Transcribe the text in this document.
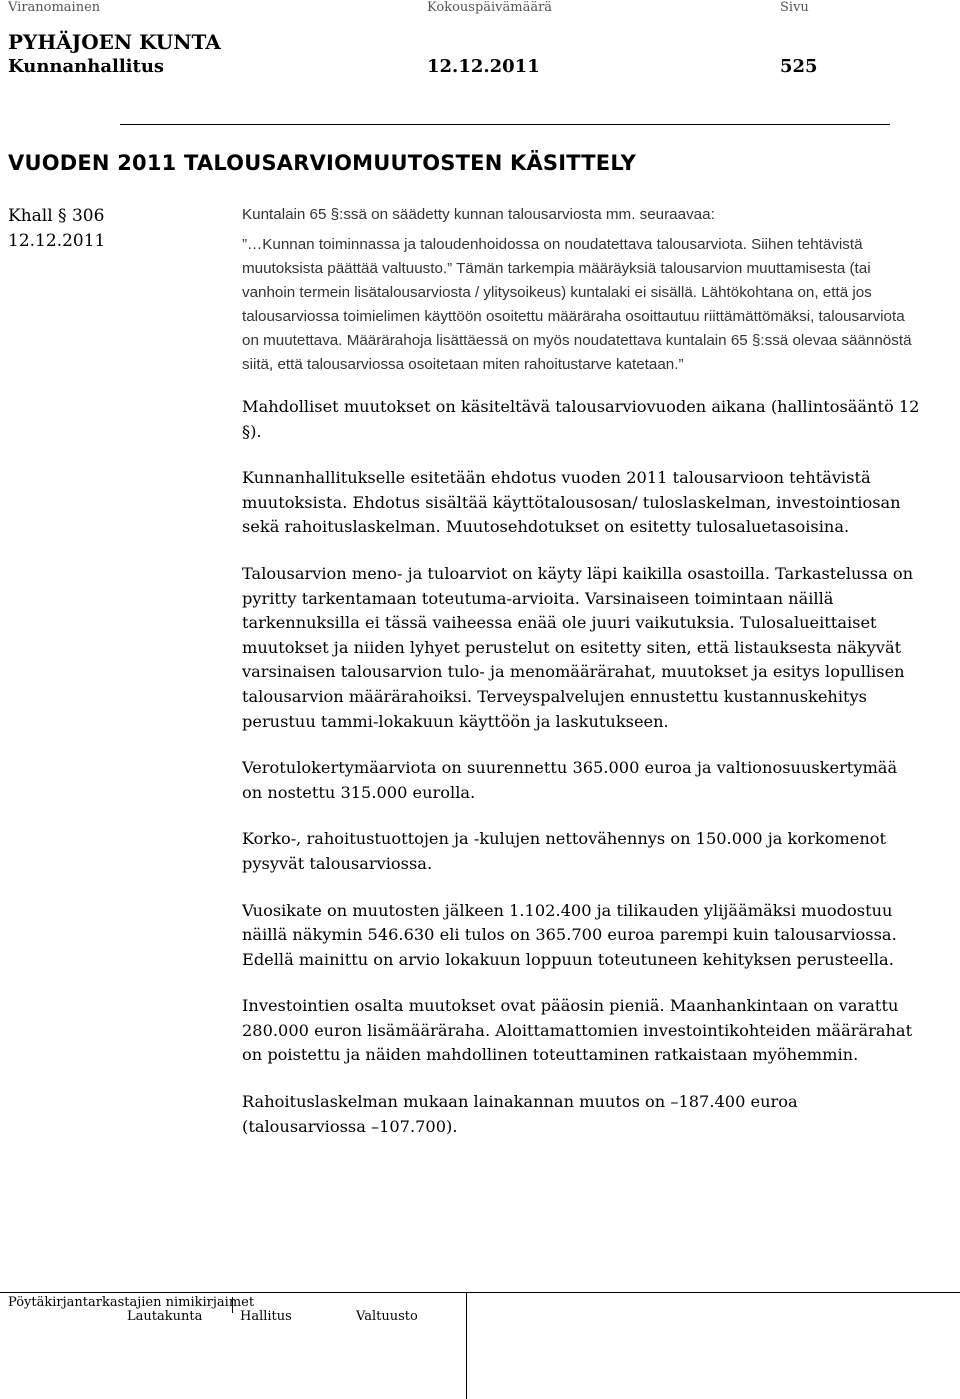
Viranomainen	Kokouspäivämäärä	Sivu
PYHÄJOEN KUNTA
Kunnanhallitus	12.12.2011	525
VUODEN 2011 TALOUSARVIOMUUTOSTEN KÄSITTELY
Khall § 306
12.12.2011

Kuntalain 65 §:ssä on säädetty kunnan talousarviosta mm. seuraavaa:

”…Kunnan toiminnassa ja taloudenhoidossa on noudatettava talousarviota. Siihen tehtävistä muutoksista päättää valtuusto.” Tämän tarkempia määräyksiä talousarvion muuttamisesta (tai vanhoin termein lisätalousarviosta / ylitysoikeus) kuntalaki ei sisällä. Lähtökohtana on, että jos talousarviossa toimielimen käyttöön osoitettu määräraha osoittautuu riittämättömäksi, talousarviota on muutettava. Määrärahoja lisättäessä on myös noudatettava kuntalain 65 §:ssä olevaa säännöstä siitä, että talousarviossa osoitetaan miten rahoitustarve katetaan.”

Mahdolliset muutokset on käsiteltävä talousarviovuoden aikana (hallintosääntö 12 §).

Kunnanhallitukselle esitetään ehdotus vuoden 2011 talousarvioon tehtävistä muutoksista. Ehdotus sisältää käyttötalousosan/ tuloslaskelman, investointiosan sekä rahoituslaskelman. Muutosehdotukset on esitetty tulosaluetasoisina.

Talousarvion meno- ja tuloarviot on käyty läpi kaikilla osastoilla. Tarkastelussa on pyritty tarkentamaan toteutuma-arvioita. Varsinaiseen toimintaan näillä tarkennuksilla ei tässä vaiheessa enää ole juuri vaikutuksia. Tulosalueittaiset muutokset ja niiden lyhyet perustelut on esitetty siten, että listauksesta näkyvät varsinaisen talousarvion tulo- ja menomäärärahat, muutokset ja esitys lopullisen talousarvion määrärahoiksi. Terveyspalvelujen ennustettu kustannuskehitys perustuu tammi-lokakuun käyttöön ja laskutukseen.

Verotulokertymäarviota on suurennettu 365.000 euroa ja valtionosuuskertymää on nostettu 315.000 eurolla.

Korko-, rahoitustuottojen ja -kulujen nettovähennys on 150.000 ja korkomenot pysyvät talousarviossa.

Vuosikate on muutosten jälkeen 1.102.400 ja tilikauden ylijäämäksi muodostuu näillä näkymin 546.630 eli tulos on 365.700 euroa parempi kuin talousarviossa. Edellä mainittu on arvio lokakuun loppuun toteutuneen kehityksen perusteella.

Investointien osalta muutokset ovat pääosin pieniä. Maanhankintaan on varattu 280.000 euron lisämääräraha. Aloittamattomien investointikohteiden määrärahat on poistettu ja näiden mahdollinen toteuttaminen ratkaistaan myöhemmin.

Rahoituslaskelman mukaan lainakannan muutos on –187.400 euroa (talousarviossa –107.700).

Pöytäkirjantarkastajien nimikirjaimet
Lautakunta	Hallitus	Valtuusto
